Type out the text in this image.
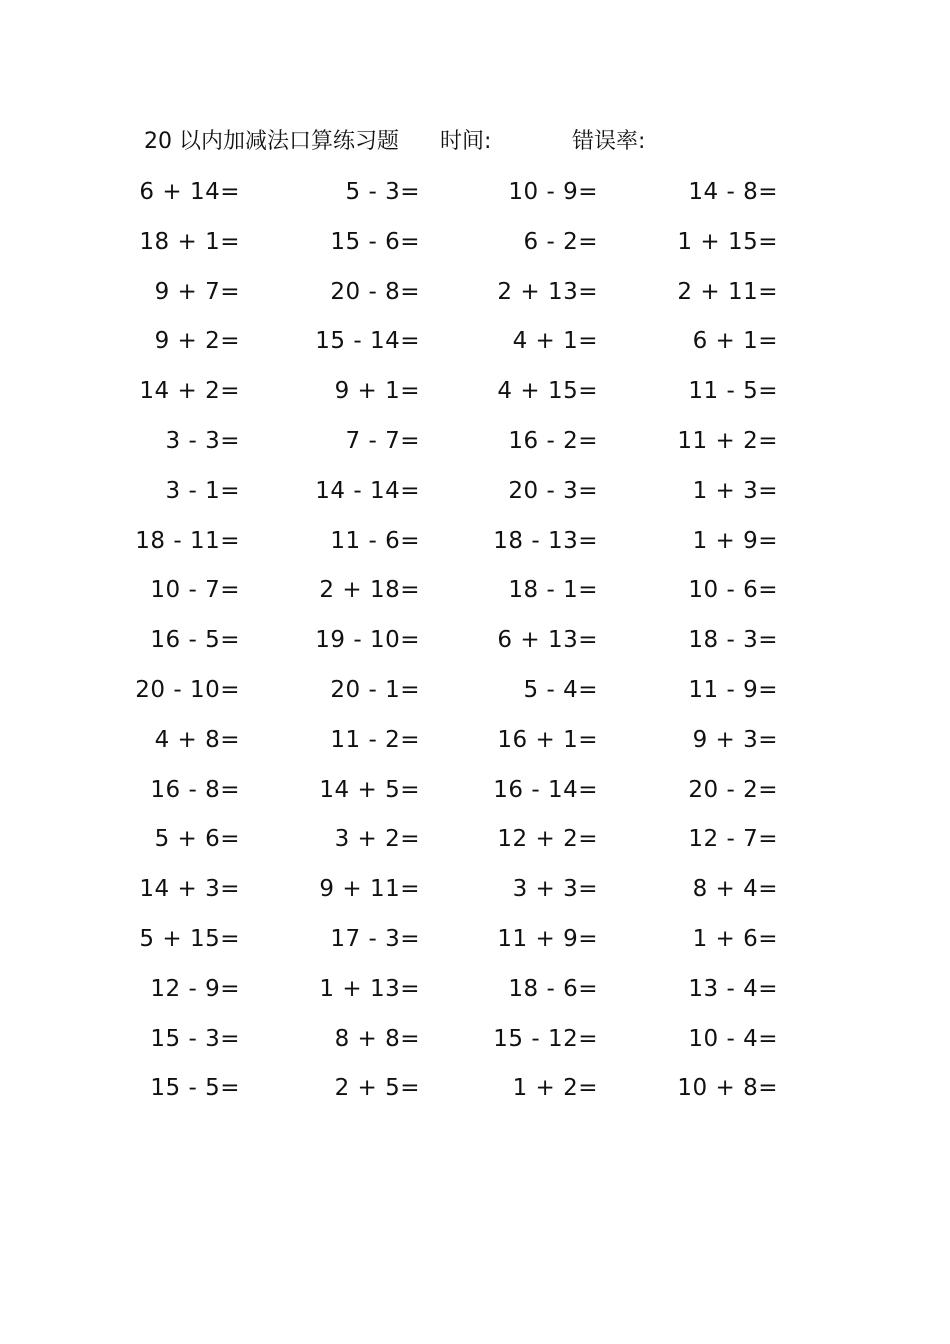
20 以内加减法口算练习题 时间:	错误率:
6 + 14=	5 - 3=	10 - 9=	14 - 8=
18 + 1=	15 - 6=	6 - 2=	1 + 15=
9 + 7=	20 - 8=	2 + 13=	2 + 11=
9 + 2=	15 - 14=	4 + 1=	6 + 1=
14 + 2=	9 + 1=	4 + 15=	11 - 5=
3 - 3=	7 - 7=	16 - 2=	11 + 2=
3 - 1=	14 - 14=	20 - 3=	1 + 3=
18 - 11=	11 - 6=	18 - 13=	1 + 9=
10 - 7=	2 + 18=	18 - 1=	10 - 6=
16 - 5=	19 - 10=	6 + 13=	18 - 3=
20 - 10=	20 - 1=	5 - 4=	11 - 9=
4 + 8=	11 - 2=	16 + 1=	9 + 3=
16 - 8=	14 + 5=	16 - 14=	20 - 2=
5 + 6=	3 + 2=	12 + 2=	12 - 7=
14 + 3=	9 + 11=	3 + 3=	8 + 4=
5 + 15=	17 - 3=	11 + 9=	1 + 6=
12 - 9=	1 + 13=	18 - 6=	13 - 4=
15 - 3=	8 + 8=	15 - 12=	10 - 4=
15 - 5=	2 + 5=	1 + 2=	10 + 8=
